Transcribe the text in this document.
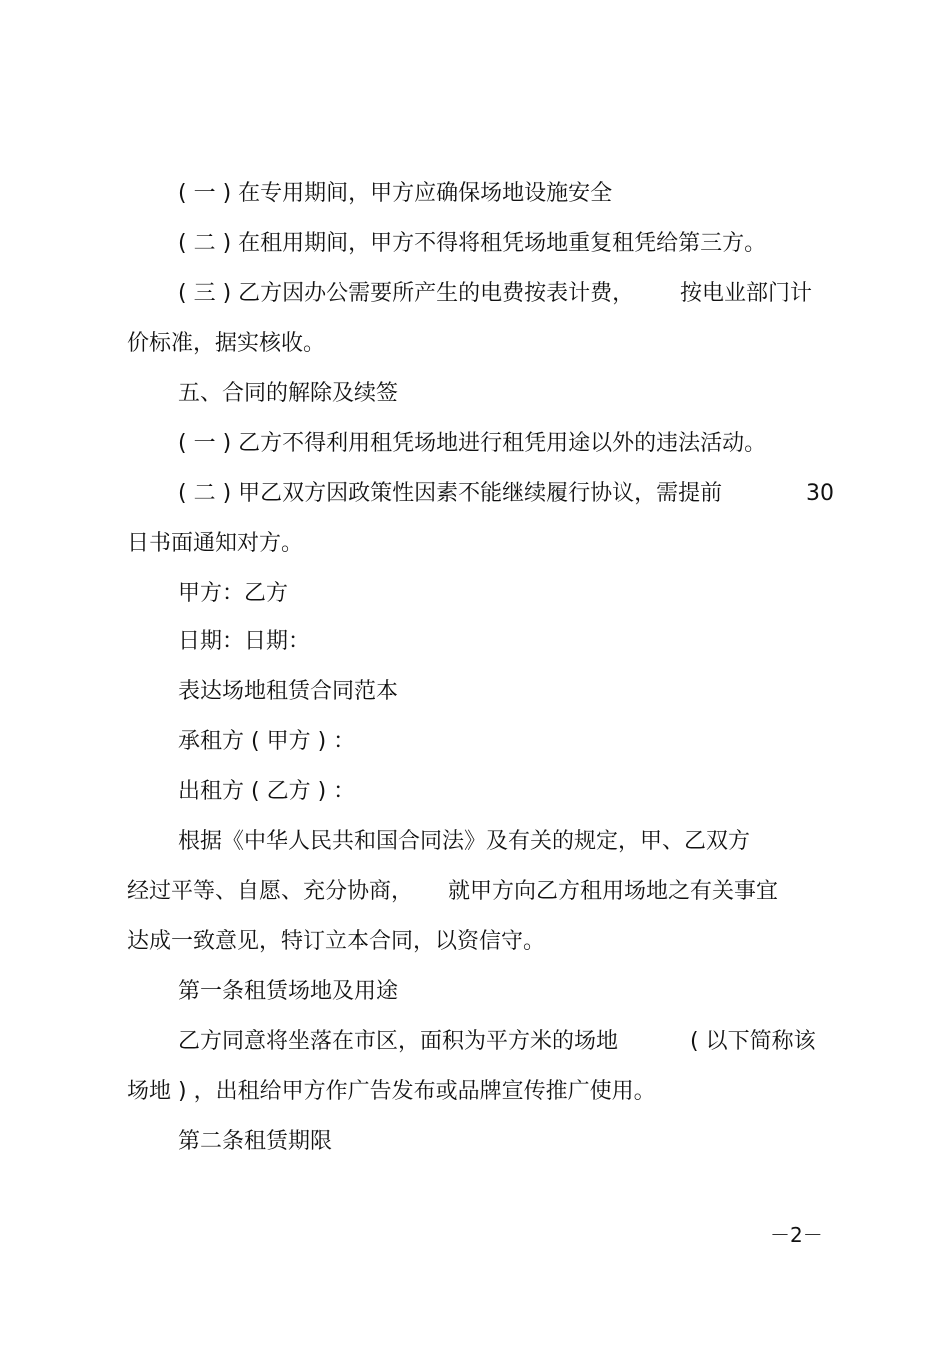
( 一 ) 在专用期间，甲方应确保场地设施安全
( 二 ) 在租用期间，甲方不得将租凭场地重复租凭给第三方。
( 三 ) 乙方因办公需要所产生的电费按表计费， 按电业部门计
价标准，据实核收。
五、合同的解除及续签
( 一 ) 乙方不得利用租凭场地进行租凭用途以外的违法活动。
( 二 ) 甲乙双方因政策性因素不能继续履行协议，需提前	30
日书面通知对方。
甲方：乙方
日期：日期：
表达场地租赁合同范本
承租方 ( 甲方 ) ：
出租方 ( 乙方 ) ：
根据《中华人民共和国合同法》及有关的规定，甲、乙双方
经过平等、自愿、充分协商， 就甲方向乙方租用场地之有关事宜
达成一致意见，特订立本合同，以资信守。
第一条租赁场地及用途
乙方同意将坐落在市区，面积为平方米的场地	( 以下简称该
场地 ) ，出租给甲方作广告发布或品牌宣传推广使用。
第二条租赁期限
－2－
